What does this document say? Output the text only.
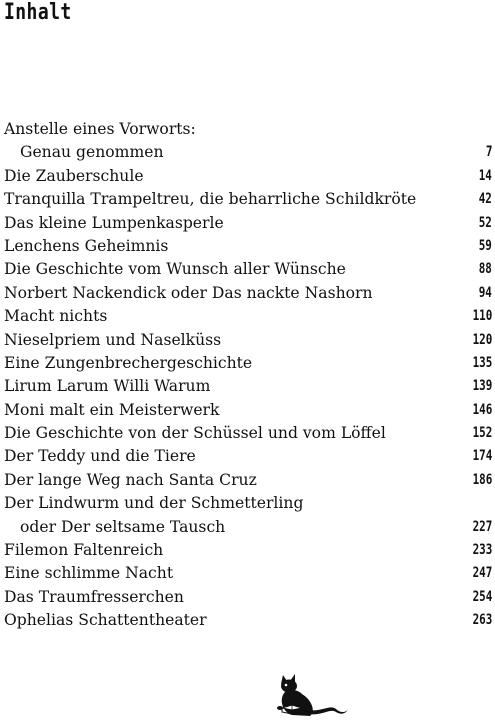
Inhalt
Anstelle eines Vorworts:
Genau genommen	7
Die Zauberschule	14
Tranquilla Trampeltreu, die beharrliche Schildkröte	42
Das kleine Lumpenkasperle	52
Lenchens Geheimnis	59
Die Geschichte vom Wunsch aller Wünsche	88
Norbert Nackendick oder Das nackte Nashorn	94
Macht nichts	110
Nieselpriem und Naselküss	120
Eine Zungenbrechergeschichte	135
Lirum Larum Willi Warum	139
Moni malt ein Meisterwerk	146
Die Geschichte von der Schüssel und vom Löffel	152
Der Teddy und die Tiere	174
Der lange Weg nach Santa Cruz	186
Der Lindwurm und der Schmetterling
oder Der seltsame Tausch	227
Filemon Faltenreich	233
Eine schlimme Nacht	247
Das Traumfresserchen	254
Ophelias Schattentheater	263
